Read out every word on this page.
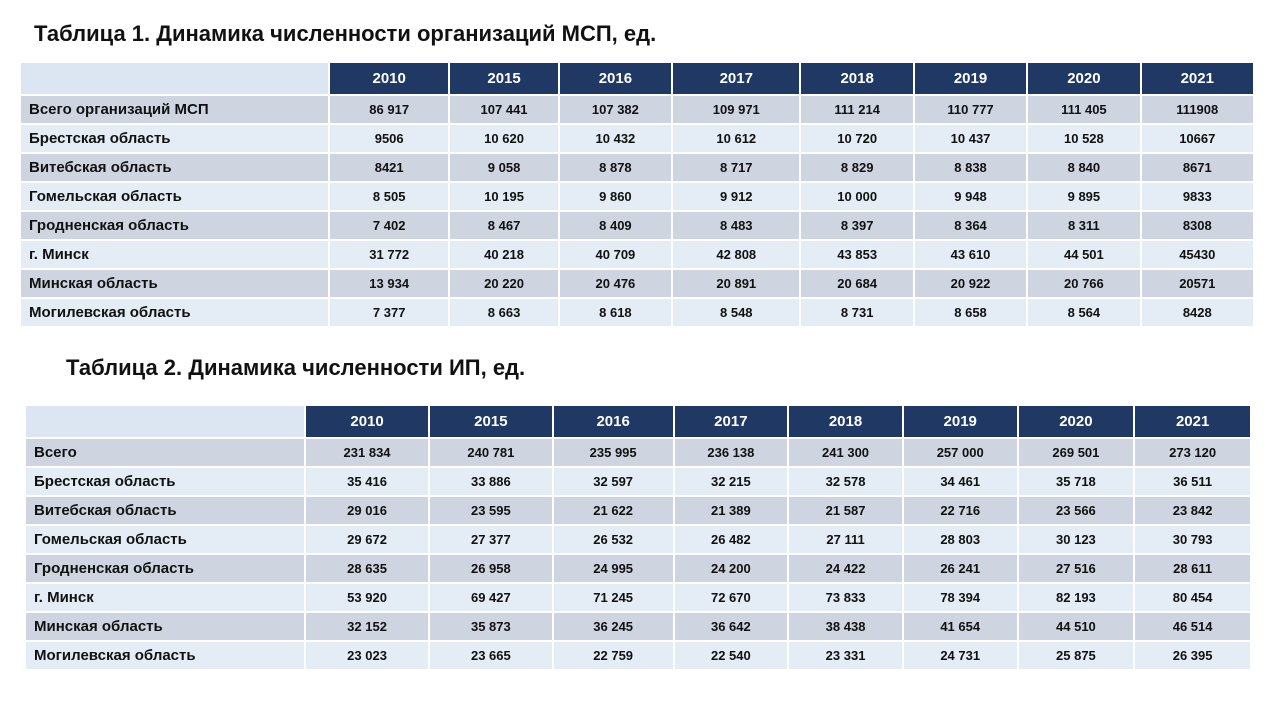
Таблица 1. Динамика численности организаций МСП, ед.
	2010	2015	2016	2017	2018	2019	2020	2021
Всего организаций МСП	86 917	107 441	107 382	109 971	111 214	110 777	111 405	111908
Брестская область	9506	10 620	10 432	10 612	10 720	10 437	10 528	10667
Витебская область	8421	9 058	8 878	8 717	8 829	8 838	8 840	8671
Гомельская область	8 505	10 195	9 860	9 912	10 000	9 948	9 895	9833
Гродненская область	7 402	8 467	8 409	8 483	8 397	8 364	8 311	8308
г. Минск	31 772	40 218	40 709	42 808	43 853	43 610	44 501	45430
Минская область	13 934	20 220	20 476	20 891	20 684	20 922	20 766	20571
Могилевская область	7 377	8 663	8 618	8 548	8 731	8 658	8 564	8428
Таблица 2. Динамика численности ИП, ед.
	2010	2015	2016	2017	2018	2019	2020	2021
Всего	231 834	240 781	235 995	236 138	241 300	257 000	269 501	273 120
Брестская область	35 416	33 886	32 597	32 215	32 578	34 461	35 718	36 511
Витебская область	29 016	23 595	21 622	21 389	21 587	22 716	23 566	23 842
Гомельская область	29 672	27 377	26 532	26 482	27 111	28 803	30 123	30 793
Гродненская область	28 635	26 958	24 995	24 200	24 422	26 241	27 516	28 611
г. Минск	53 920	69 427	71 245	72 670	73 833	78 394	82 193	80 454
Минская область	32 152	35 873	36 245	36 642	38 438	41 654	44 510	46 514
Могилевская область	23 023	23 665	22 759	22 540	23 331	24 731	25 875	26 395
